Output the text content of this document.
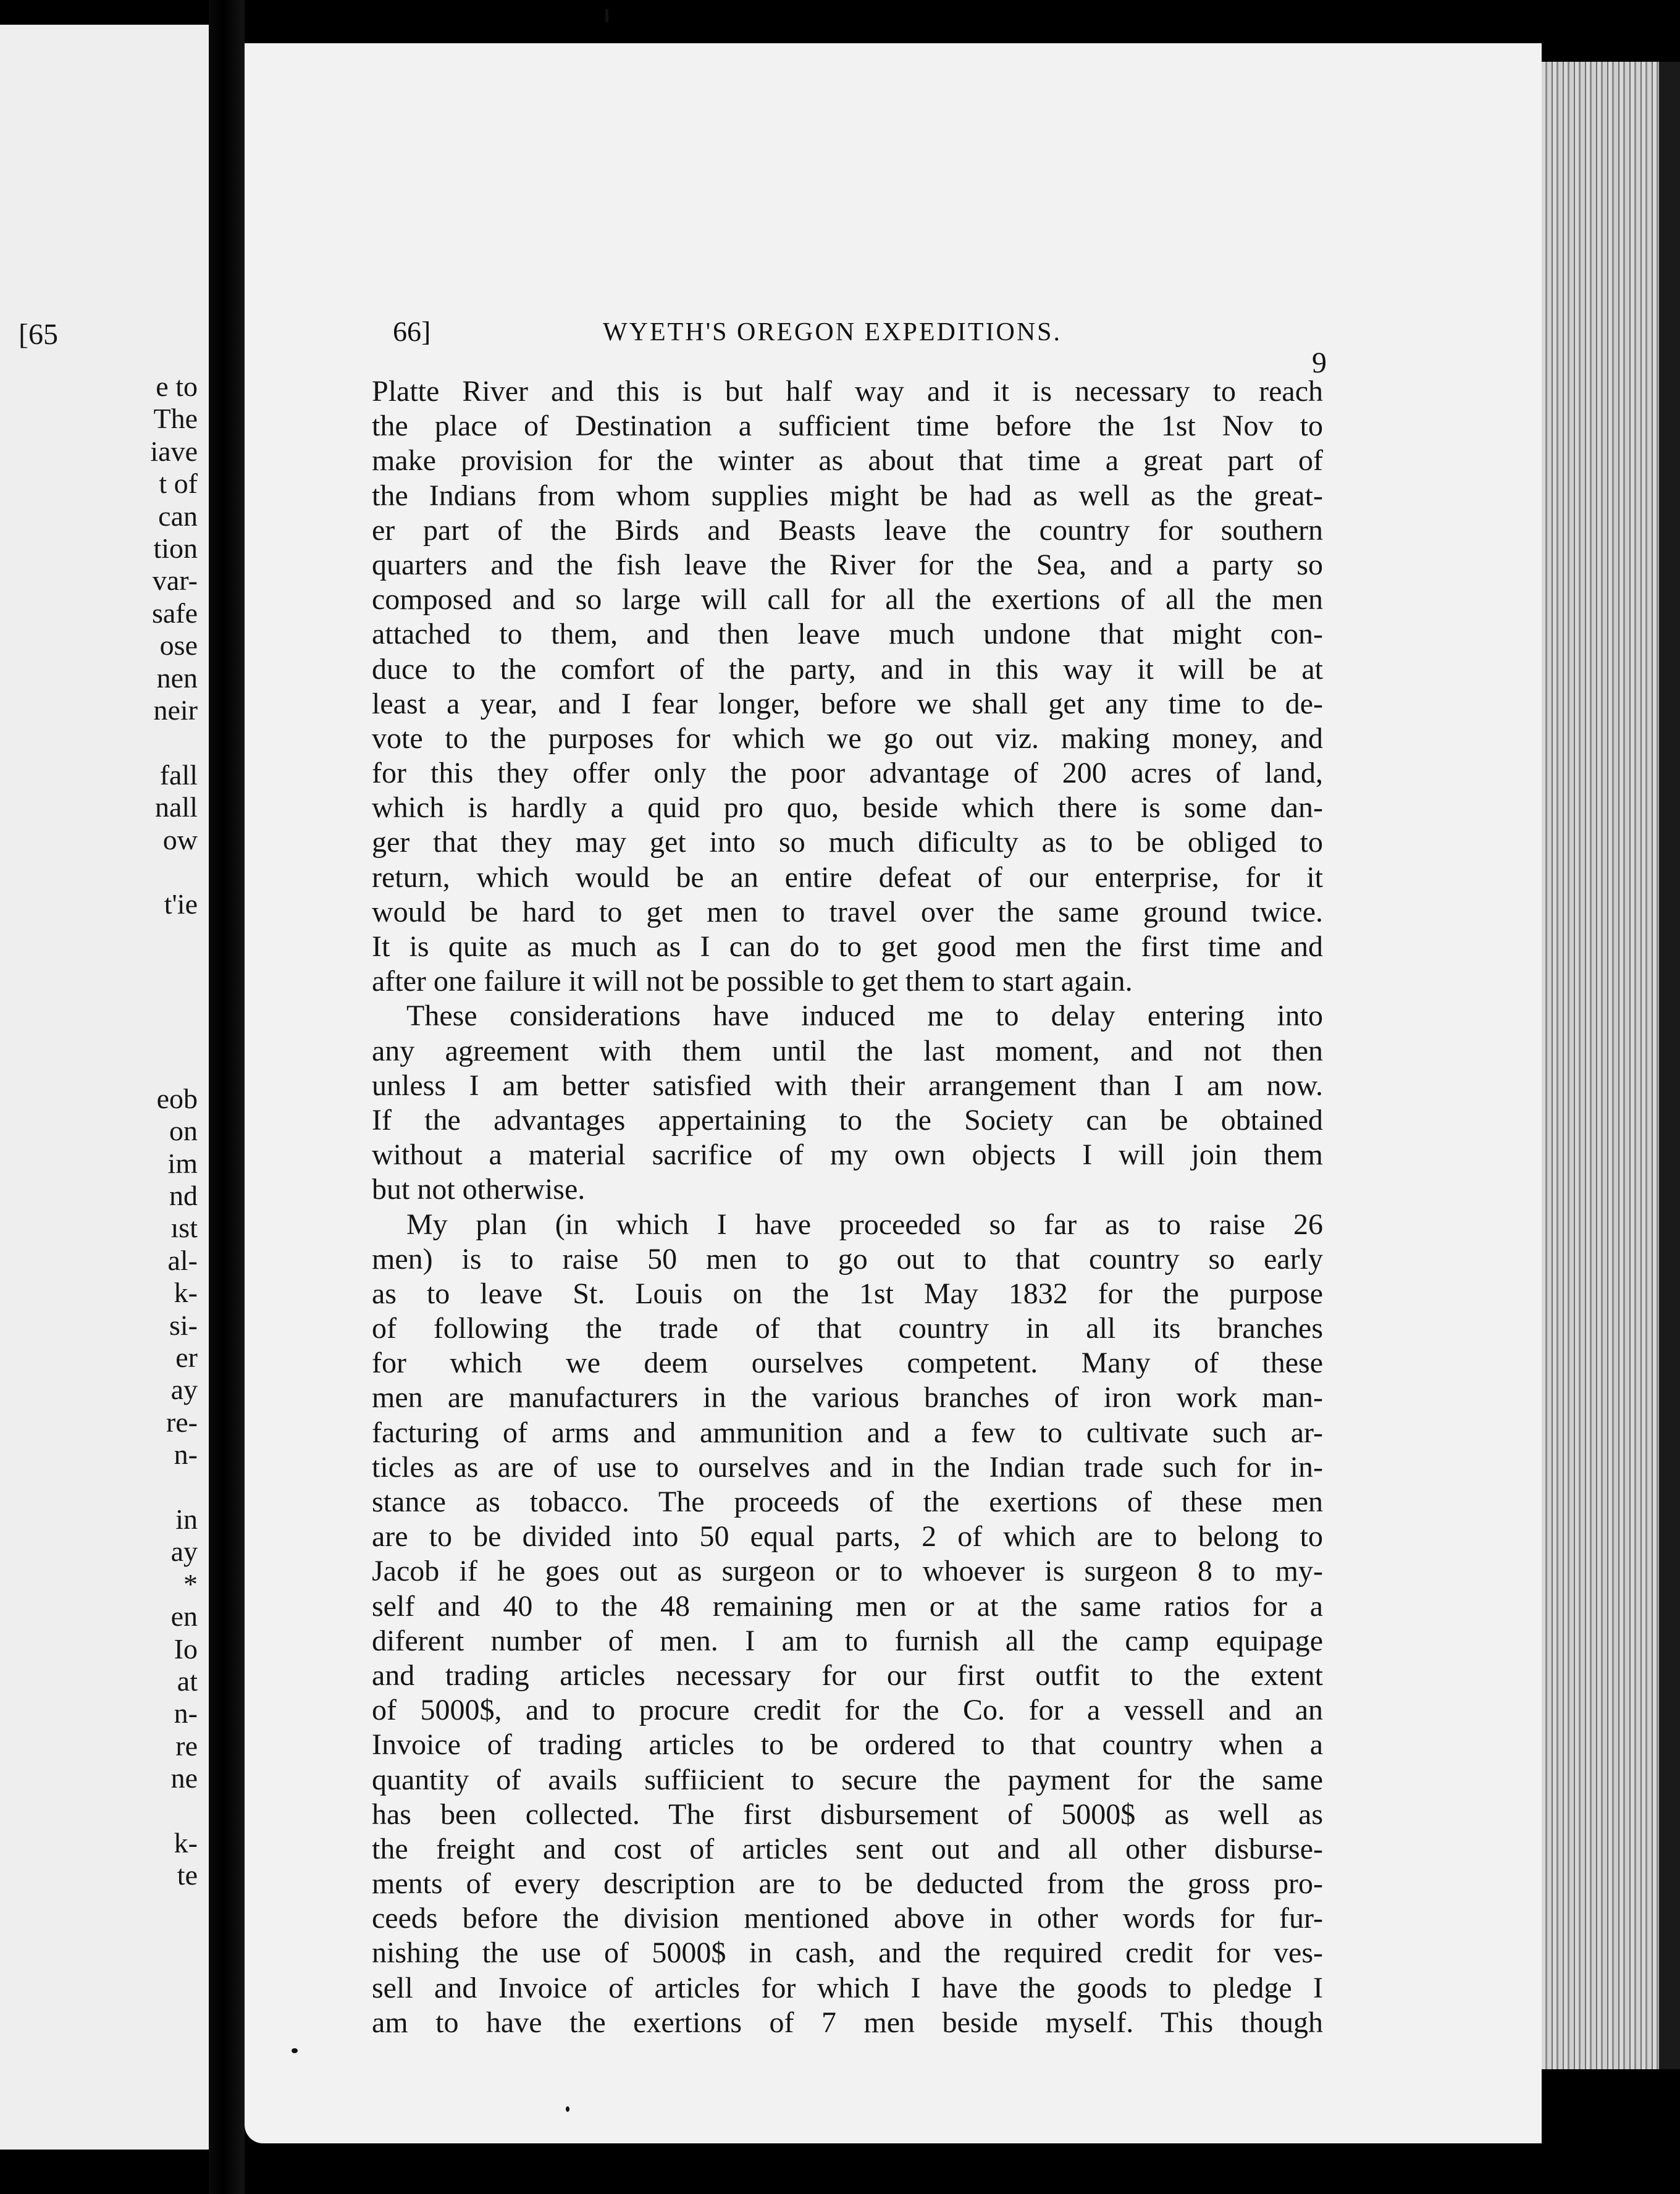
[65
e to
The
iave
t of
can
tion
var-
safe
ose
nen
neir
fall
nall
ow
t'ie
eob
on
im
nd
ıst
al-
k-
si-
er
ay
re-
n-
in
ay
*
en
Io
at
n-
re
ne
k-
te
66]	WYETH'S OREGON EXPEDITIONS.
9
Platte River and this is but half way and it is necessary to reach
the place of Destination a sufficient time before the 1st Nov to
make provision for the winter as about that time a great part of
the Indians from whom supplies might be had as well as the great-
er part of the Birds and Beasts leave the country for southern
quarters and the fish leave the River for the Sea, and a party so
composed and so large will call for all the exertions of all the men
attached to them, and then leave much undone that might con-
duce to the comfort of the party, and in this way it will be at
least a year, and I fear longer, before we shall get any time to de-
vote to the purposes for which we go out viz. making money, and
for this they offer only the poor advantage of 200 acres of land,
which is hardly a quid pro quo, beside which there is some dan-
ger that they may get into so much dificulty as to be obliged to
return, which would be an entire defeat of our enterprise, for it
would be hard to get men to travel over the same ground twice.
It is quite as much as I can do to get good men the first time and
after one failure it will not be possible to get them to start again.
These considerations have induced me to delay entering into
any agreement with them until the last moment, and not then
unless I am better satisfied with their arrangement than I am now.
If the advantages appertaining to the Society can be obtained
without a material sacrifice of my own objects I will join them
but not otherwise.
My plan (in which I have proceeded so far as to raise 26
men) is to raise 50 men to go out to that country so early
as to leave St. Louis on the 1st May 1832 for the purpose
of following the trade of that country in all its branches
for which we deem ourselves competent. Many of these
men are manufacturers in the various branches of iron work man-
facturing of arms and ammunition and a few to cultivate such ar-
ticles as are of use to ourselves and in the Indian trade such for in-
stance as tobacco. The proceeds of the exertions of these men
are to be divided into 50 equal parts, 2 of which are to belong to
Jacob if he goes out as surgeon or to whoever is surgeon 8 to my-
self and 40 to the 48 remaining men or at the same ratios for a
diferent number of men. I am to furnish all the camp equipage
and trading articles necessary for our first outfit to the extent
of 5000$, and to procure credit for the Co. for a vessell and an
Invoice of trading articles to be ordered to that country when a
quantity of avails suffiicient to secure the payment for the same
has been collected. The first disbursement of 5000$ as well as
the freight and cost of articles sent out and all other disburse-
ments of every description are to be deducted from the gross pro-
ceeds before the division mentioned above in other words for fur-
nishing the use of 5000$ in cash, and the required credit for ves-
sell and Invoice of articles for which I have the goods to pledge I
am to have the exertions of 7 men beside myself. This though
